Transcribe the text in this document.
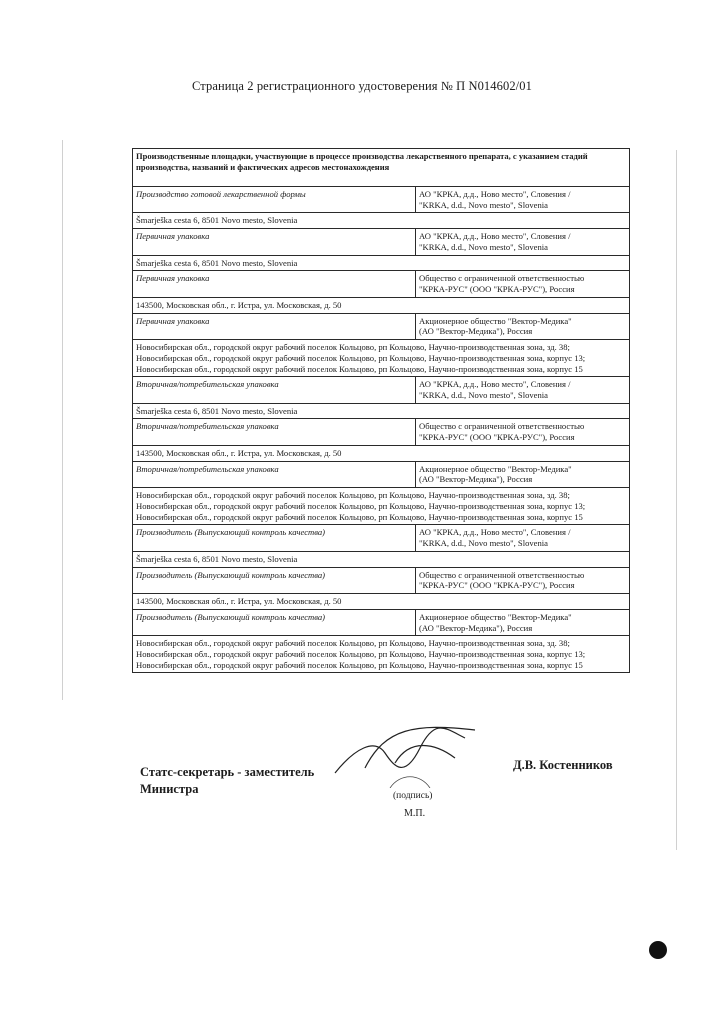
Страница 2 регистрационного удостоверения № П N014602/01
Производственные площадки, участвующие в процессе производства лекарственного препарата, с указанием стадий производства, названий и фактических адресов местонахождения	
Производство готовой лекарственной формы	АО "КРКА, д.д., Ново место", Словения /
"KRKA, d.d., Novo mesto", Slovenia

Šmarješka cesta 6, 8501 Novo mesto, Slovenia	

Первичная упаковка	АО "КРКА, д.д., Ново место", Словения /
"KRKA, d.d., Novo mesto", Slovenia

Šmarješka cesta 6, 8501 Novo mesto, Slovenia	

Первичная упаковка	Общество с ограниченной ответственностью
"КРКА-РУС" (ООО "КРКА-РУС"), Россия

143500, Московская обл., г. Истра, ул. Московская, д. 50	

Первичная упаковка	Акционерное общество "Вектор-Медика"
(АО "Вектор-Медика"), Россия

Новосибирская обл., городской округ рабочий поселок Кольцово, рп Кольцово, Научно-производственная зона, зд. 38;
Новосибирская обл., городской округ рабочий поселок Кольцово, рп Кольцово, Научно-производственная зона, корпус 13;
Новосибирская обл., городской округ рабочий поселок Кольцово, рп Кольцово, Научно-производственная зона, корпус 15	

Вторичная/потребительская упаковка	АО "КРКА, д.д., Ново место", Словения /
"KRKA, d.d., Novo mesto", Slovenia

Šmarješka cesta 6, 8501 Novo mesto, Slovenia	

Вторичная/потребительская упаковка	Общество с ограниченной ответственностью
"КРКА-РУС" (ООО "КРКА-РУС"), Россия

143500, Московская обл., г. Истра, ул. Московская, д. 50	

Вторичная/потребительская упаковка	Акционерное общество "Вектор-Медика"
(АО "Вектор-Медика"), Россия

Новосибирская обл., городской округ рабочий поселок Кольцово, рп Кольцово, Научно-производственная зона, зд. 38;
Новосибирская обл., городской округ рабочий поселок Кольцово, рп Кольцово, Научно-производственная зона, корпус 13;
Новосибирская обл., городской округ рабочий поселок Кольцово, рп Кольцово, Научно-производственная зона, корпус 15	

Производитель (Выпускающий контроль качества)	АО "КРКА, д.д., Ново место", Словения /
"KRKA, d.d., Novo mesto", Slovenia

Šmarješka cesta 6, 8501 Novo mesto, Slovenia	

Производитель (Выпускающий контроль качества)	Общество с ограниченной ответственностью
"КРКА-РУС" (ООО "КРКА-РУС"), Россия

143500, Московская обл., г. Истра, ул. Московская, д. 50	

Производитель (Выпускающий контроль качества)	Акционерное общество "Вектор-Медика"
(АО "Вектор-Медика"), Россия

Новосибирская обл., городской округ рабочий поселок Кольцово, рп Кольцово, Научно-производственная зона, зд. 38;
Новосибирская обл., городской округ рабочий поселок Кольцово, рп Кольцово, Научно-производственная зона, корпус 13;
Новосибирская обл., городской округ рабочий поселок Кольцово, рп Кольцово, Научно-производственная зона, корпус 15	
Статс-секретарь - заместитель
Министра
Д.В. Костенников
(подпись)
М.П.
